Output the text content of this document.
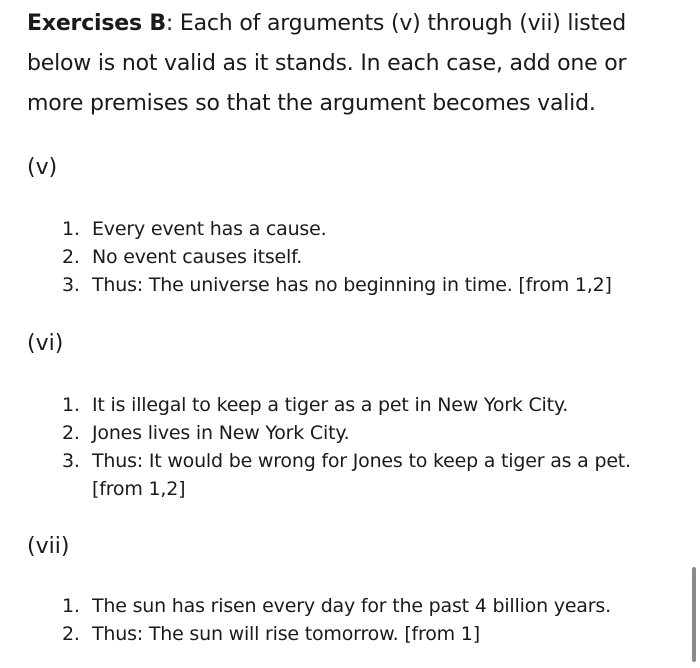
Exercises B: Each of arguments (v) through (vii) listed below is not valid as it stands. In each case, add one or more premises so that the argument becomes valid.

(v)

1. Every event has a cause.
2. No event causes itself.
3. Thus: The universe has no beginning in time. [from 1,2]

(vi)

1. It is illegal to keep a tiger as a pet in New York City.
2. Jones lives in New York City.
3. Thus: It would be wrong for Jones to keep a tiger as a pet. [from 1,2]

(vii)

1. The sun has risen every day for the past 4 billion years.
2. Thus: The sun will rise tomorrow. [from 1]
